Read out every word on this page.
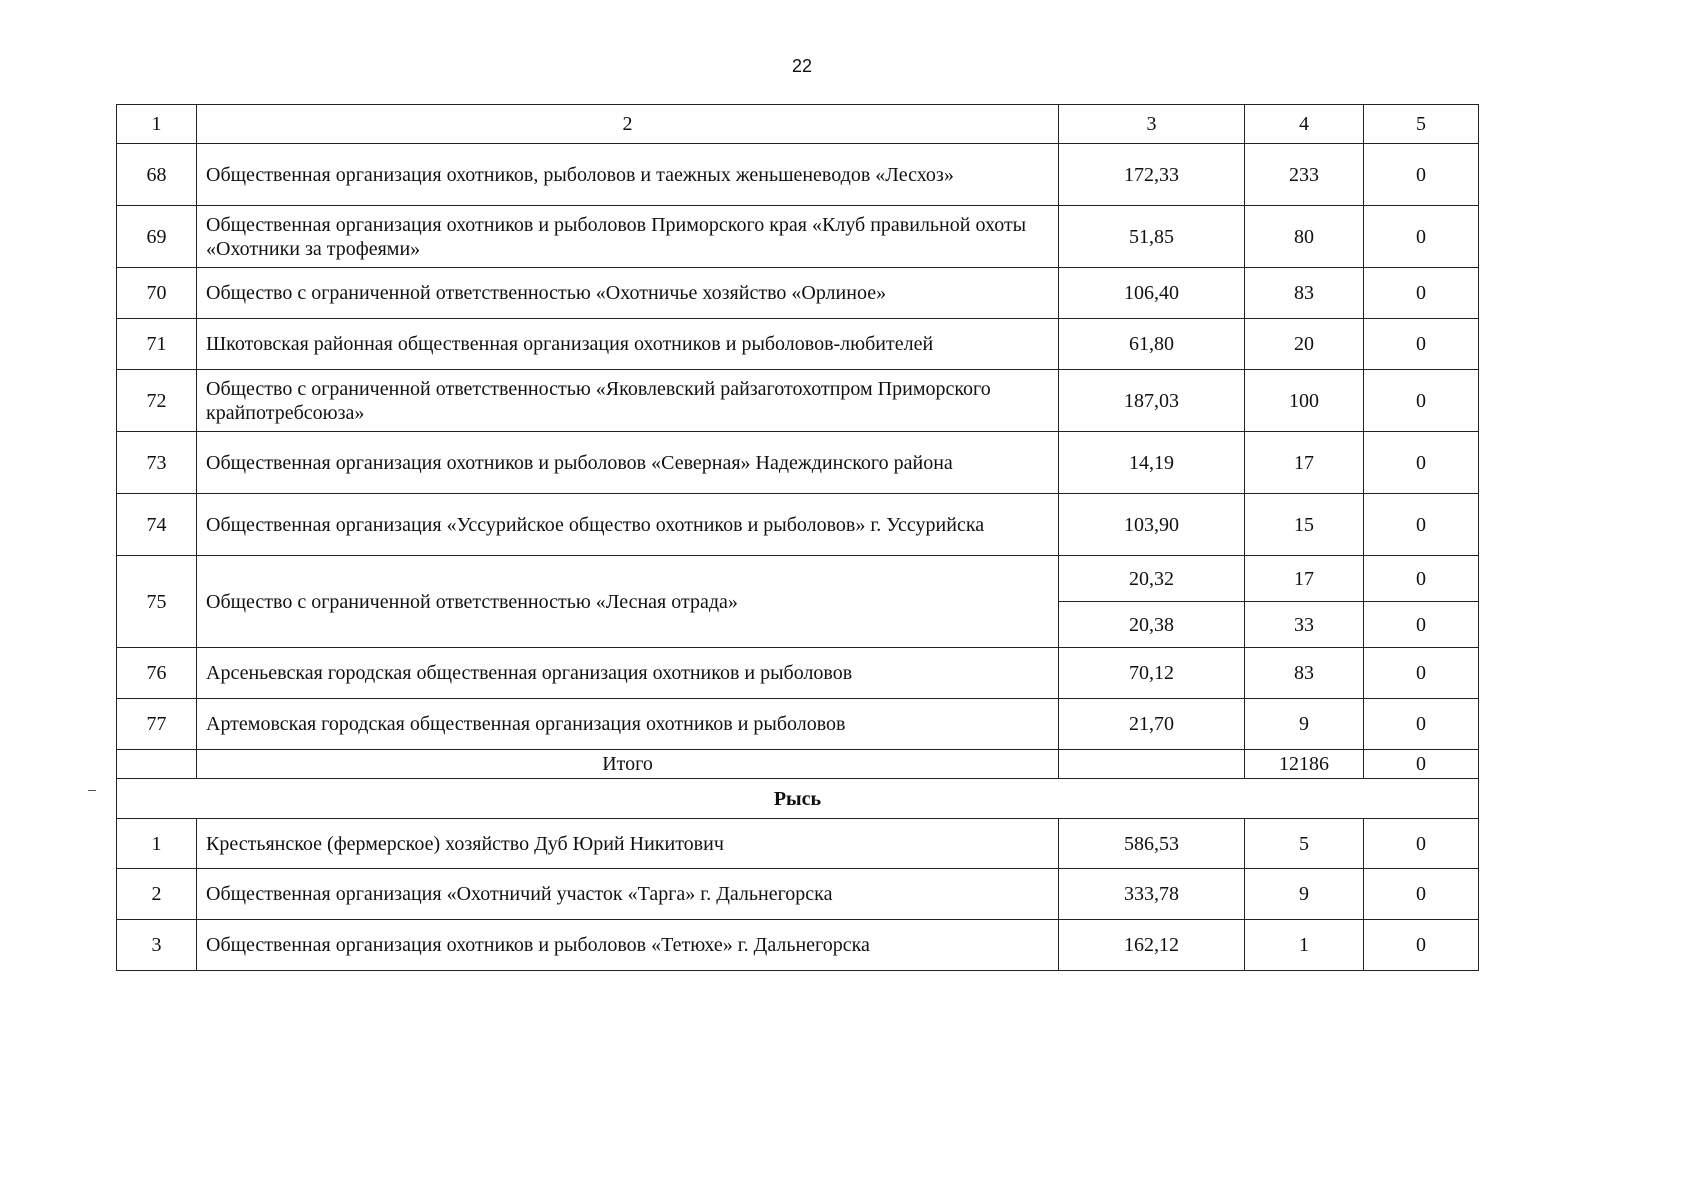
22
1	2	3	4	5
68	Общественная организация охотников, рыболовов и таежных женьшеневодов «Лесхоз»	172,33	233	0
69	Общественная организация охотников и рыболовов Приморского края «Клуб правильной охоты «Охотники за трофеями»	51,85	80	0
70	Общество с ограниченной ответственностью «Охотничье хозяйство «Орлиное»	106,40	83	0
71	Шкотовская районная общественная организация охотников и рыболовов-любителей	61,80	20	0
72	Общество с ограниченной ответственностью «Яковлевский райзаготохотпром Приморского крайпотребсоюза»	187,03	100	0
73	Общественная организация охотников и рыболовов «Северная» Надеждинского района	14,19	17	0
74	Общественная организация «Уссурийское общество охотников и рыболовов» г. Уссурийска	103,90	15	0
75	Общество с ограниченной ответственностью «Лесная отрада»	20,32	17	0
		20,38	33	0
76	Арсеньевская городская общественная организация охотников и рыболовов	70,12	83	0
77	Артемовская городская общественная организация охотников и рыболовов	21,70	9	0
	Итого		12186	0
Рысь				
1	Крестьянское (фермерское) хозяйство Дуб Юрий Никитович	586,53	5	0
2	Общественная организация «Охотничий участок «Тарга» г. Дальнегорска	333,78	9	0
3	Общественная организация охотников и рыболовов «Тетюхе» г. Дальнегорска	162,12	1	0
